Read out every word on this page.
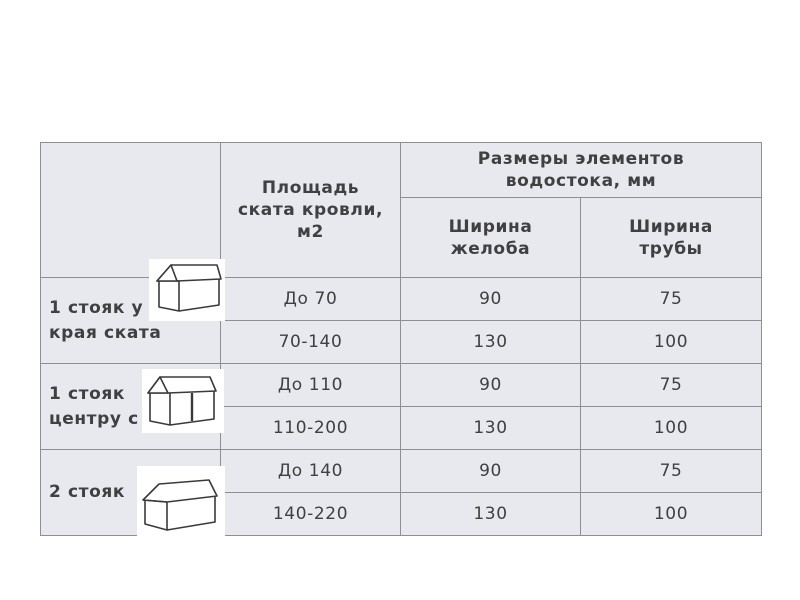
	Площадь ската кровли, м2	Размеры элементов водостока, мм	
		Ширина желоба	Ширина трубы

1 стояк у
края ската	До 70	90	75
	70-140	130	100

1 стояк
центру с	До 110	90	75
	110-200	130	100

2 стояк	До 140	90	75
	140-220	130	100
